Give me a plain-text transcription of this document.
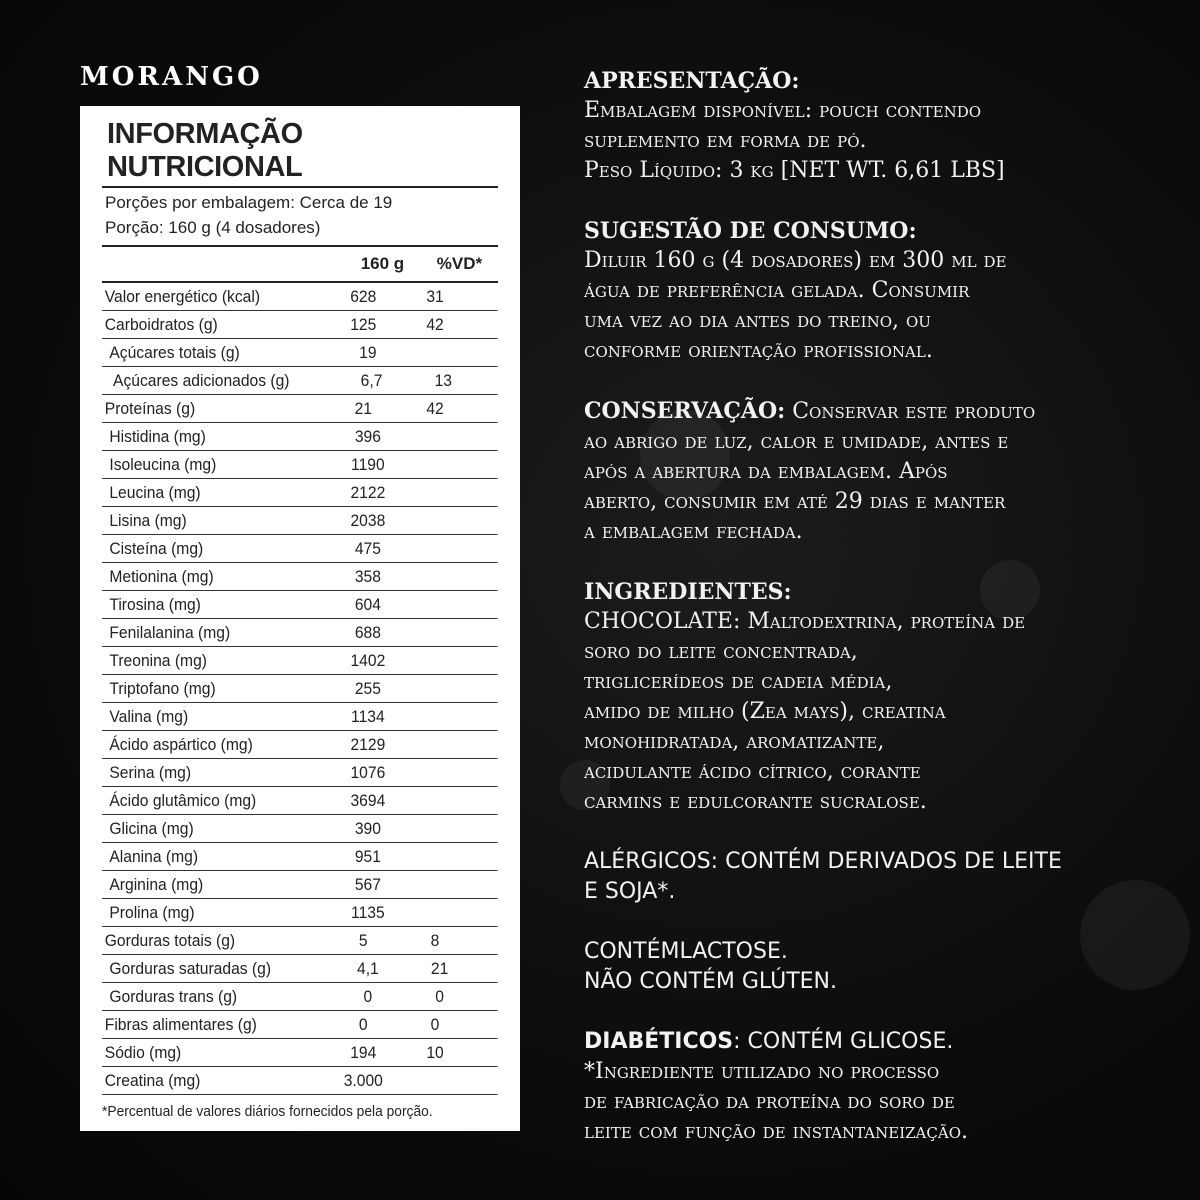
MORANGO
INFORMAÇÃO NUTRICIONAL
Porções por embalagem: Cerca de 19
Porção: 160 g (4 dosadores)
160 g	%VD*
Valor energético (kcal)	628	31
Carboidratos (g)	125	42
Açúcares totais (g)	19
Açúcares adicionados (g)	6,7	13
Proteínas (g)	21	42
Histidina (mg)	396
Isoleucina (mg)	1190
Leucina (mg)	2122
Lisina (mg)	2038
Cisteína (mg)	475
Metionina (mg)	358
Tirosina (mg)	604
Fenilalanina (mg)	688
Treonina (mg)	1402
Triptofano (mg)	255
Valina (mg)	1134
Ácido aspártico (mg)	2129
Serina (mg)	1076
Ácido glutâmico (mg)	3694
Glicina (mg)	390
Alanina (mg)	951
Arginina (mg)	567
Prolina (mg)	1135
Gorduras totais (g)	5	8
Gorduras saturadas (g)	4,1	21
Gorduras trans (g)	0	0
Fibras alimentares (g)	0	0
Sódio (mg)	194	10
Creatina (mg)	3.000
*Percentual de valores diários fornecidos pela porção.

APRESENTAÇÃO:
Embalagem disponível: pouch contendo
suplemento em forma de pó.
Peso Líquido: 3 kg [NET WT. 6,61 LBS]

SUGESTÃO DE CONSUMO:
Diluir 160 g (4 dosadores) em 300 ml de
água de preferência gelada. Consumir
uma vez ao dia antes do treino, ou
conforme orientação profissional.

CONSERVAÇÃO: Conservar este produto
ao abrigo de luz, calor e umidade, antes e
após a abertura da embalagem. Após
aberto, consumir em até 29 dias e manter
a embalagem fechada.

INGREDIENTES:
CHOCOLATE: Maltodextrina, proteína de
soro do leite concentrada,
triglicerídeos de cadeia média,
amido de milho (Zea mays), creatina
monohidratada, aromatizante,
acidulante ácido cítrico, corante
carmins e edulcorante sucralose.

ALÉRGICOS: CONTÉM DERIVADOS DE LEITE
E SOJA*.

CONTÉMLACTOSE.
NÃO CONTÉM GLÚTEN.

DIABÉTICOS: CONTÉM GLICOSE.
*Ingrediente utilizado no processo
de fabricação da proteína do soro de
leite com função de instantaneização.
